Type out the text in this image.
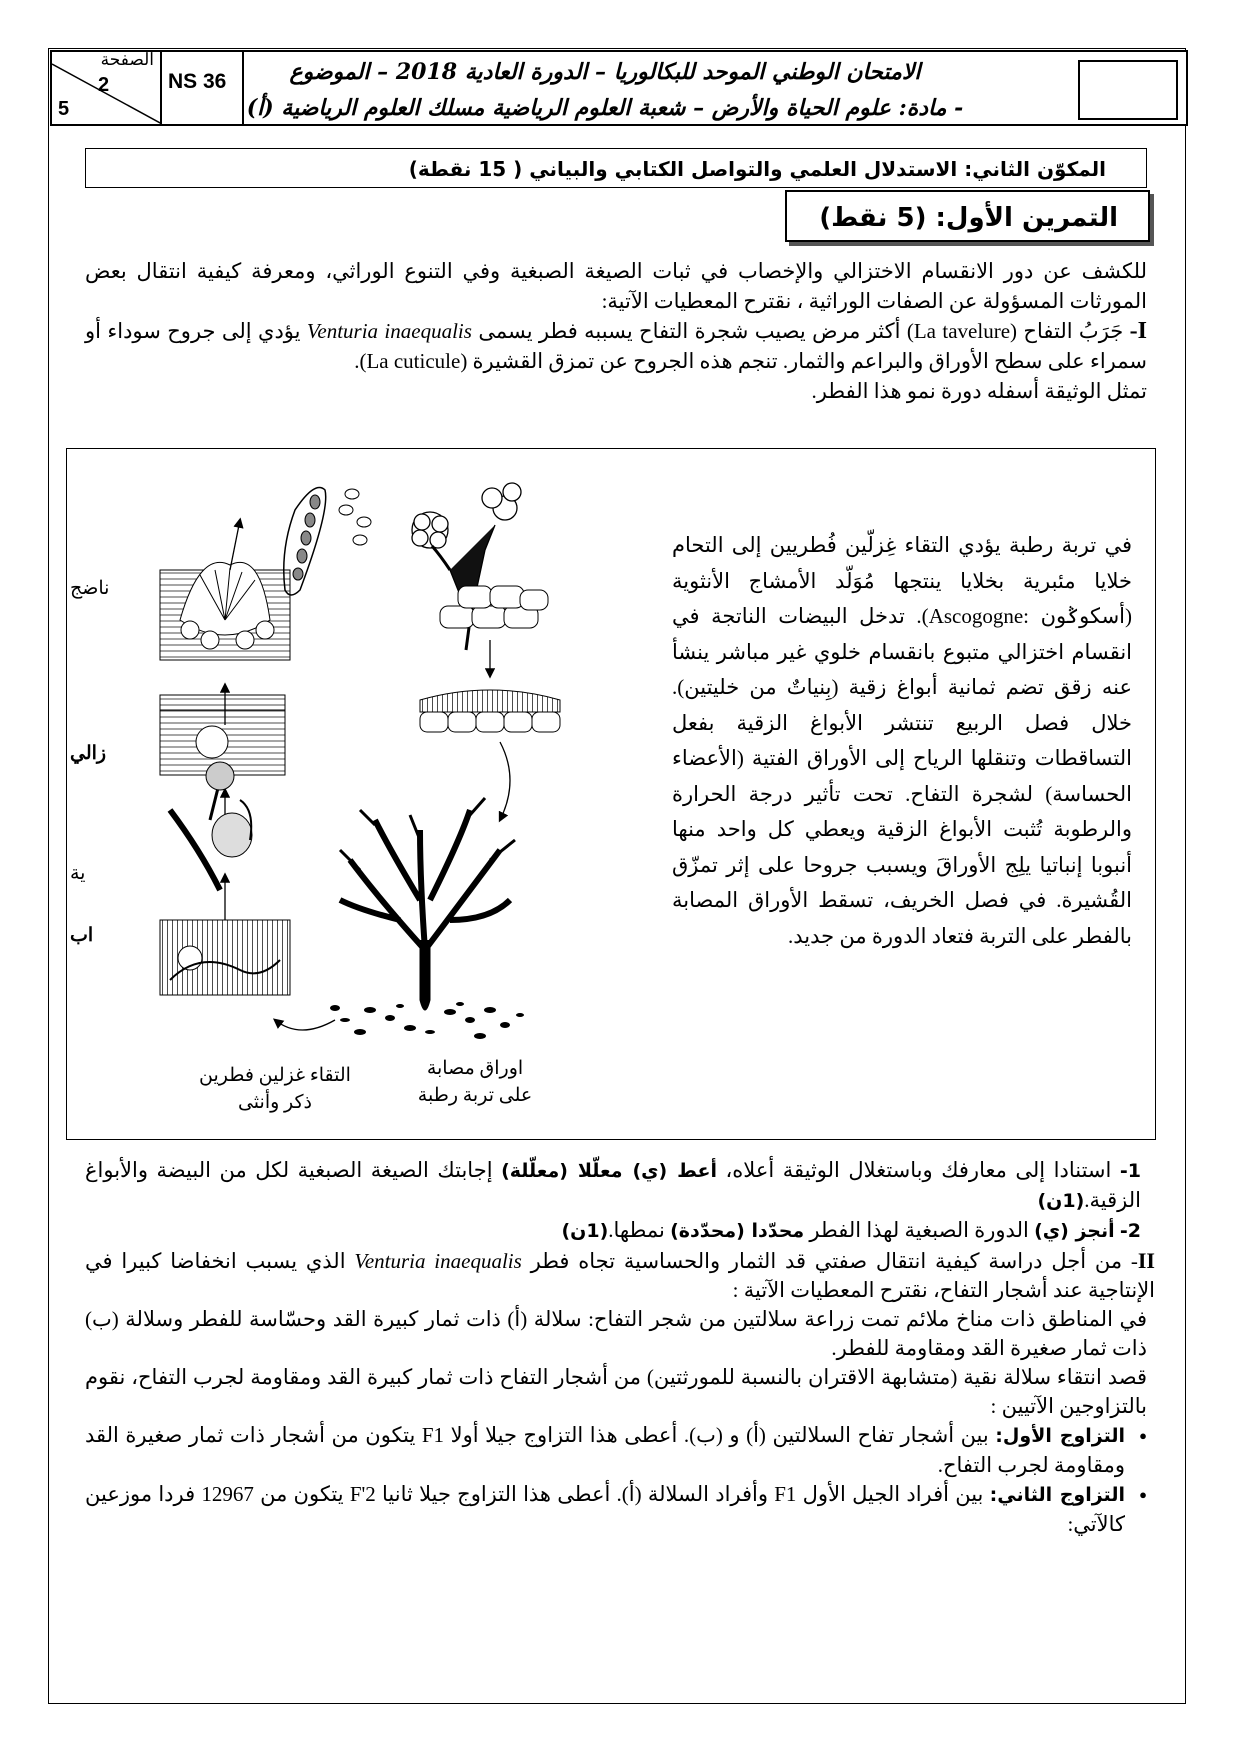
الصفحة
2
5
NS 36	الامتحان الوطني الموحد للبكالوريا – الدورة العادية 2018 – الموضوع
- مادة: علوم الحياة والأرض – شعبة العلوم الرياضية مسلك العلوم الرياضية (أ)
المكوّن الثاني: الاستدلال العلمي والتواصل الكتابي والبياني ( 15 نقطة)
التمرين الأول: (5 نقط)

للكشف عن دور الانقسام الاختزالي والإخصاب في ثبات الصيغة الصبغية وفي التنوع الوراثي، ومعرفة كيفية انتقال بعض المورثات المسؤولة عن الصفات الوراثية ، نقترح المعطيات الآتية:

I- جَرَبُ التفاح (La tavelure) أكثر مرض يصيب شجرة التفاح يسببه فطر يسمى Venturia inaequalis يؤدي إلى جروح سوداء أو سمراء على سطح الأوراق والبراعم والثمار. تنجم هذه الجروح عن تمزق القشيرة (La cuticule).

تمثل الوثيقة أسفله دورة نمو هذا الفطر.

ناضج
زالي
ية
اب
التقاء غزلين فطرين
ذكر وأنثى
اوراق مصابة
على تربة رطبة
في تربة رطبة يؤدي التقاء غِزلّين فُطريين إلى التحام خلايا مئبرية بخلايا ينتجها مُوَلّد الأمشاج الأنثوية (أسكوݣون :Ascogogne). تدخل البيضات الناتجة في انقسام اختزالي متبوع بانقسام خلوي غير مباشر ينشأ عنه زقق تضم ثمانية أبواغ زقية (بِنياتٌ من خليتين). خلال فصل الربيع تنتشر الأبواغ الزقية بفعل التساقطات وتنقلها الرياح إلى الأوراق الفتية (الأعضاء الحساسة) لشجرة التفاح. تحت تأثير درجة الحرارة والرطوبة تُثبت الأبواغ الزقية ويعطي كل واحد منها أنبوبا إنباتيا يلِج الأوراقَ ويسبب جروحا على إثر تمزّق القُشيرة. في فصل الخريف، تسقط الأوراق المصابة بالفطر على التربة فتعاد الدورة من جديد.

1- استنادا إلى معارفك وباستغلال الوثيقة أعلاه، أعط (ي) معلّلا (معلّلة) إجابتك الصيغة الصبغية لكل من البيضة والأبواغ الزقية.(1ن)

2- أنجز (ي) الدورة الصبغية لهذا الفطر محدّدا (محدّدة) نمطها.(1ن)

II- من أجل دراسة كيفية انتقال صفتي قد الثمار والحساسية تجاه فطر Venturia inaequalis الذي يسبب انخفاضا كبيرا في الإنتاجية عند أشجار التفاح، نقترح المعطيات الآتية :

في المناطق ذات مناخ ملائم تمت زراعة سلالتين من شجر التفاح: سلالة (أ) ذات ثمار كبيرة القد وحسّاسة للفطر وسلالة (ب) ذات ثمار صغيرة القد ومقاومة للفطر.

قصد انتقاء سلالة نقية (متشابهة الاقتران بالنسبة للمورثتين) من أشجار التفاح ذات ثمار كبيرة القد ومقاومة لجرب التفاح، نقوم بالتزاوجين الآتيين :

● التزاوج الأول: بين أشجار تفاح السلالتين (أ) و (ب). أعطى هذا التزاوج جيلا أولا F1 يتكون من أشجار ذات ثمار صغيرة القد ومقاومة لجرب التفاح.
● التزاوج الثاني: بين أفراد الجيل الأول F1 وأفراد السلالة (أ). أعطى هذا التزاوج جيلا ثانيا F'2 يتكون من 12967 فردا موزعين كالآتي:
